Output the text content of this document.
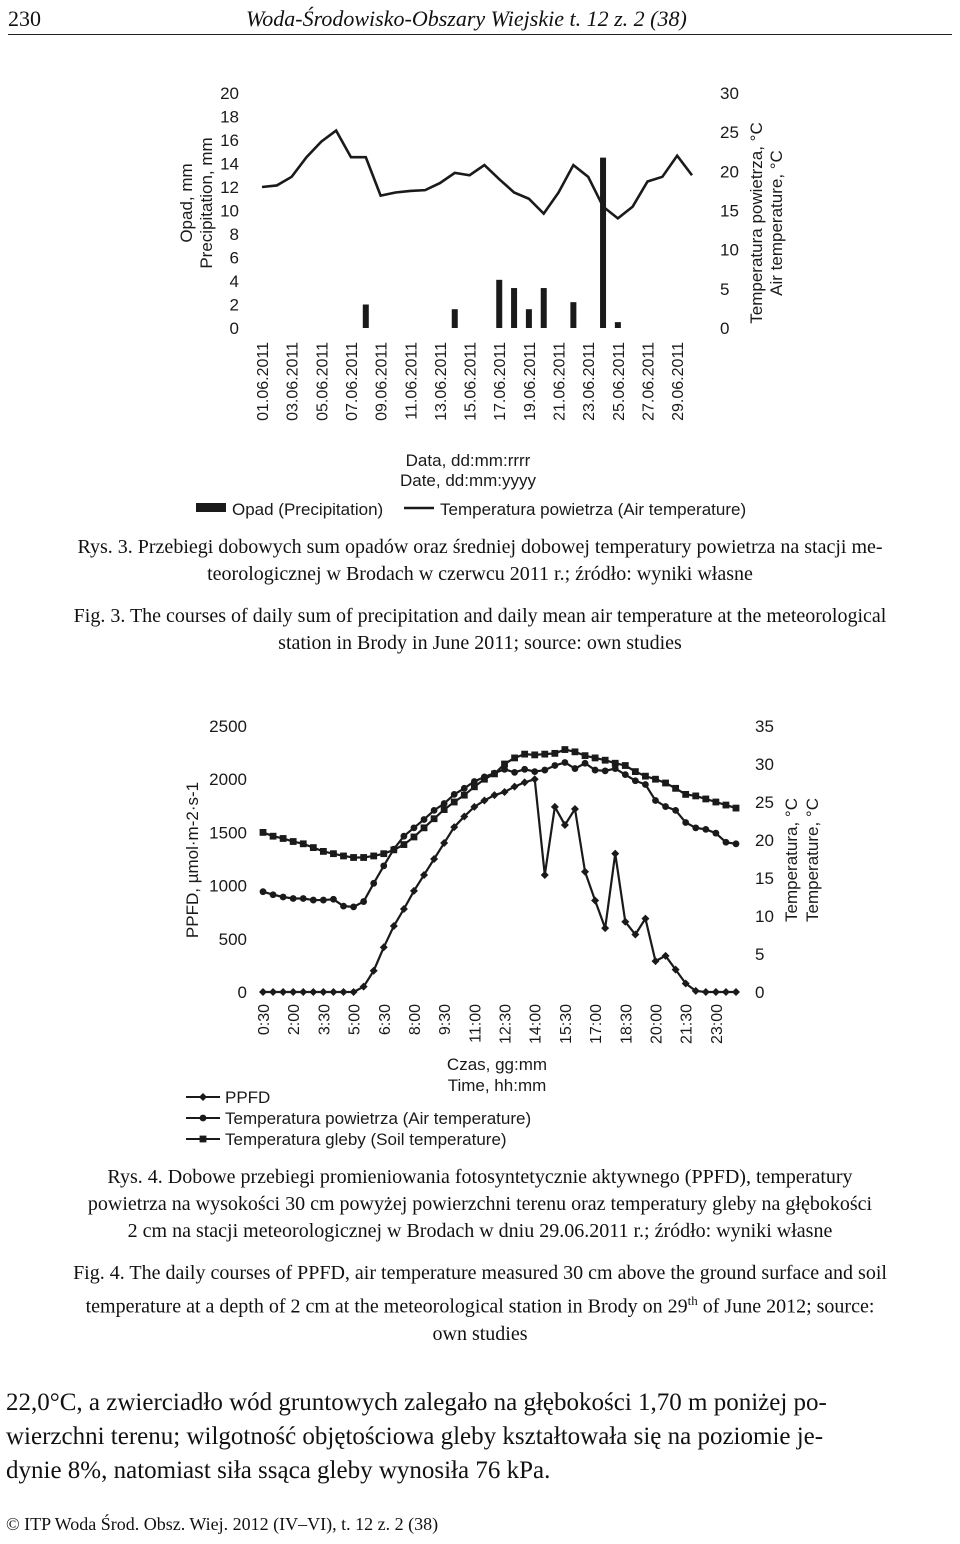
230	Woda-Środowisko-Obszary Wiejskie t. 12 z. 2 (38)
0
2
4
6
8
10
12
14
16
18
20
0
5
10
15
20
25
30
Opad, mm Precipitation, mm	Temperatura powietrza, °C Air temperature, °C
01.06.2011 03.06.2011 05.06.2011 07.06.2011 09.06.2011 11.06.2011 13.06.2011 15.06.2011 17.06.2011 19.06.2011 21.06.2011 23.06.2011 25.06.2011 27.06.2011 29.06.2011
Data, dd:mm:rrrr
Date, dd:mm:yyyy
Opad (Precipitation)	Temperatura powietrza (Air temperature)
Rys. 3. Przebiegi dobowych sum opadów oraz średniej dobowej temperatury powietrza na stacji me-
teorologicznej w Brodach w czerwcu 2011 r.; źródło: wyniki własne
Fig. 3. The courses of daily sum of precipitation and daily mean air temperature at the meteorological
station in Brody in June 2011; source: own studies
0
500
1000
1500
2000
2500
0
5
10
15
20
25
30
35
PPFD, µmol·m-2·s-1	Temperatura, °C Temperature, °C
0:30 2:00 3:30 5:00 6:30 8:00 9:30 11:00 12:30 14:00 15:30 17:00 18:30 20:00 21:30 23:00
Czas, gg:mm
Time, hh:mm
PPFD
Temperatura powietrza (Air temperature)
Temperatura gleby (Soil temperature)
Rys. 4. Dobowe przebiegi promieniowania fotosyntetycznie aktywnego (PPFD), temperatury
powietrza na wysokości 30 cm powyżej powierzchni terenu oraz temperatury gleby na głębokości
2 cm na stacji meteorologicznej w Brodach w dniu 29.06.2011 r.; źródło: wyniki własne
Fig. 4. The daily courses of PPFD, air temperature measured 30 cm above the ground surface and soil
temperature at a depth of 2 cm at the meteorological station in Brody on 29th of June 2012; source:
own studies
22,0°C, a zwierciadło wód gruntowych zalegało na głębokości 1,70 m poniżej po-
wierzchni terenu; wilgotność objętościowa gleby kształtowała się na poziomie je-
dynie 8%, natomiast siła ssąca gleby wynosiła 76 kPa.
© ITP Woda Środ. Obsz. Wiej. 2012 (IV–VI), t. 12 z. 2 (38)
